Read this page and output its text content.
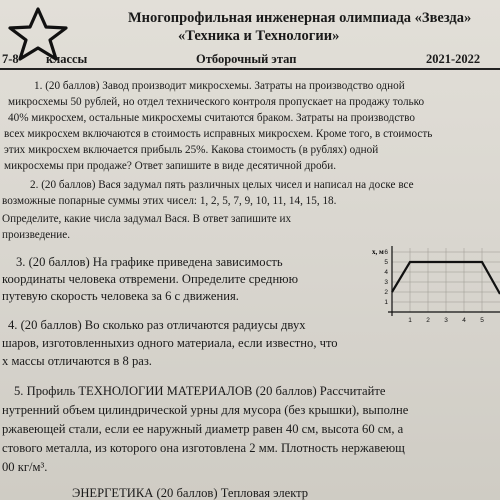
Многопрофильная инженерная олимпиада «Звезда»
«Техника и Технологии»
7-8 классы	Отборочный этап	2021-2022
1. (20 баллов) Завод производит микросхемы. Затраты на производство одной
микросхемы 50 рублей, но отдел технического контроля пропускает на продажу только
40% микросхем, остальные микросхемы считаются браком. Затраты на производство
всех микросхем включаются в стоимость исправных микросхем. Кроме того, в стоимость
этих микросхем включается прибыль 25%. Какова стоимость (в рублях) одной
микросхемы при продаже? Ответ запишите в виде десятичной дроби.
2. (20 баллов) Вася задумал пять различных целых чисел и написал на доске все
возможные попарные суммы этих чисел: 1, 2, 5, 7, 9, 10, 11, 14, 15, 18.
Определите, какие числа задумал Вася. В ответ запишите их
произведение.
3. (20 баллов) На графике приведена зависимость
координаты человека отвремени. Определите среднюю
путевую скорость человека за 6 с движения.
4. (20 баллов) Во сколько раз отличаются радиусы двух
шаров, изготовленныхиз одного материала, если известно, что
х массы отличаются в 8 раз.
5. Профиль ТЕХНОЛОГИИ МАТЕРИАЛОВ (20 баллов) Рассчитайте
нутренний объем цилиндрической урны для мусора (без крышки), выполне
ржавеющей стали, если ее наружный диаметр равен 40 см, высота 60 см, а
стового металла, из которого она изготовлена 2 мм. Плотность нержавеющ
00 кг/м³.
ЭНЕРГЕТИКА (20 баллов) Тепловая электр
x, м
1
2
3
4
5
6
1 2 3 4 5
